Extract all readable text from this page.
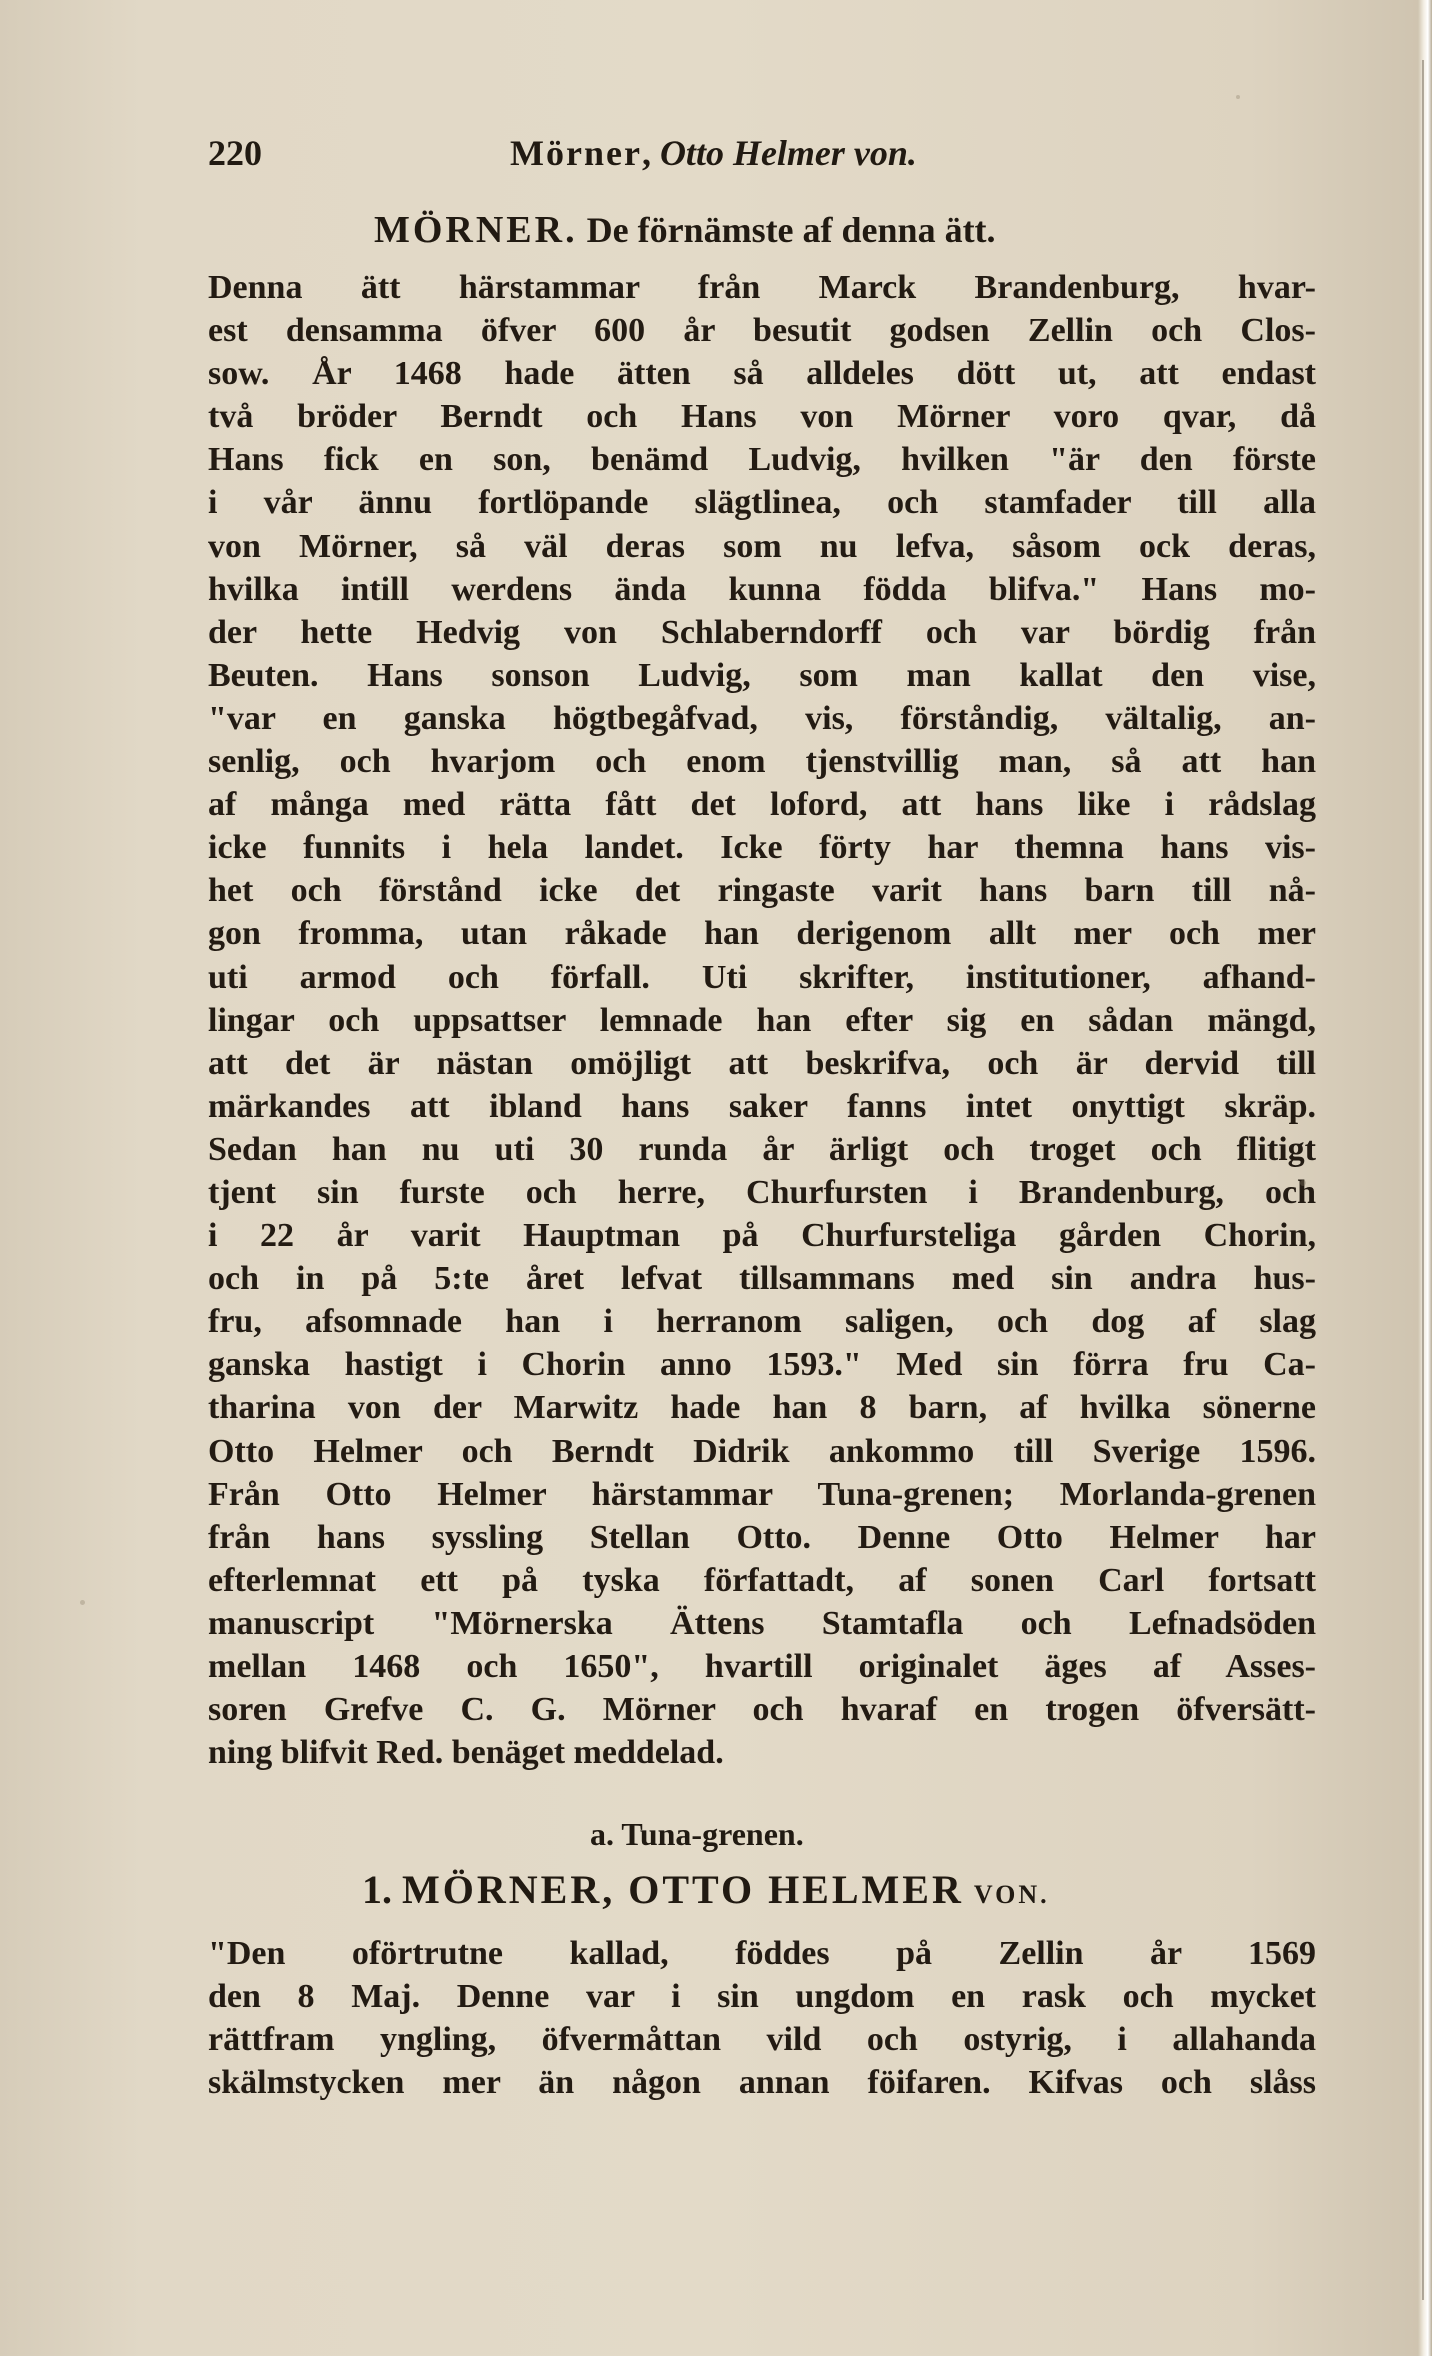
220	Mörner, Otto Helmer von.
MÖRNER. De förnämste af denna ätt.
Denna ätt härstammar från Marck Brandenburg, hvar-
est densamma öfver 600 år besutit godsen Zellin och Clos-
sow. År 1468 hade ätten så alldeles dött ut, att endast
två bröder Berndt och Hans von Mörner voro qvar, då
Hans fick en son, benämd Ludvig, hvilken "är den förste
i vår ännu fortlöpande slägtlinea, och stamfader till alla
von Mörner, så väl deras som nu lefva, såsom ock deras,
hvilka intill werdens ända kunna födda blifva." Hans mo-
der hette Hedvig von Schlaberndorff och var bördig från
Beuten. Hans sonson Ludvig, som man kallat den vise,
"var en ganska högtbegåfvad, vis, förståndig, vältalig, an-
senlig, och hvarjom och enom tjenstvillig man, så att han
af många med rätta fått det loford, att hans like i rådslag
icke funnits i hela landet. Icke förty har themna hans vis-
het och förstånd icke det ringaste varit hans barn till nå-
gon fromma, utan råkade han derigenom allt mer och mer
uti armod och förfall. Uti skrifter, institutioner, afhand-
lingar och uppsattser lemnade han efter sig en sådan mängd,
att det är nästan omöjligt att beskrifva, och är dervid till
märkandes att ibland hans saker fanns intet onyttigt skräp.
Sedan han nu uti 30 runda år ärligt och troget och flitigt
tjent sin furste och herre, Churfursten i Brandenburg, och
i 22 år varit Hauptman på Churfursteliga gården Chorin,
och in på 5:te året lefvat tillsammans med sin andra hus-
fru, afsomnade han i herranom saligen, och dog af slag
ganska hastigt i Chorin anno 1593." Med sin förra fru Ca-
tharina von der Marwitz hade han 8 barn, af hvilka sönerne
Otto Helmer och Berndt Didrik ankommo till Sverige 1596.
Från Otto Helmer härstammar Tuna-grenen; Morlanda-grenen
från hans syssling Stellan Otto. Denne Otto Helmer har
efterlemnat ett på tyska författadt, af sonen Carl fortsatt
manuscript "Mörnerska Ättens Stamtafla och Lefnadsöden
mellan 1468 och 1650", hvartill originalet äges af Asses-
soren Grefve C. G. Mörner och hvaraf en trogen öfversätt-
ning blifvit Red. benäget meddelad.
a. Tuna-grenen.
1. MÖRNER, OTTO HELMER VON.
"Den oförtrutne kallad, föddes på Zellin år 1569
den 8 Maj. Denne var i sin ungdom en rask och mycket
rättfram yngling, öfvermåttan vild och ostyrig, i allahanda
skälmstycken mer än någon annan föifaren. Kifvas och slåss
